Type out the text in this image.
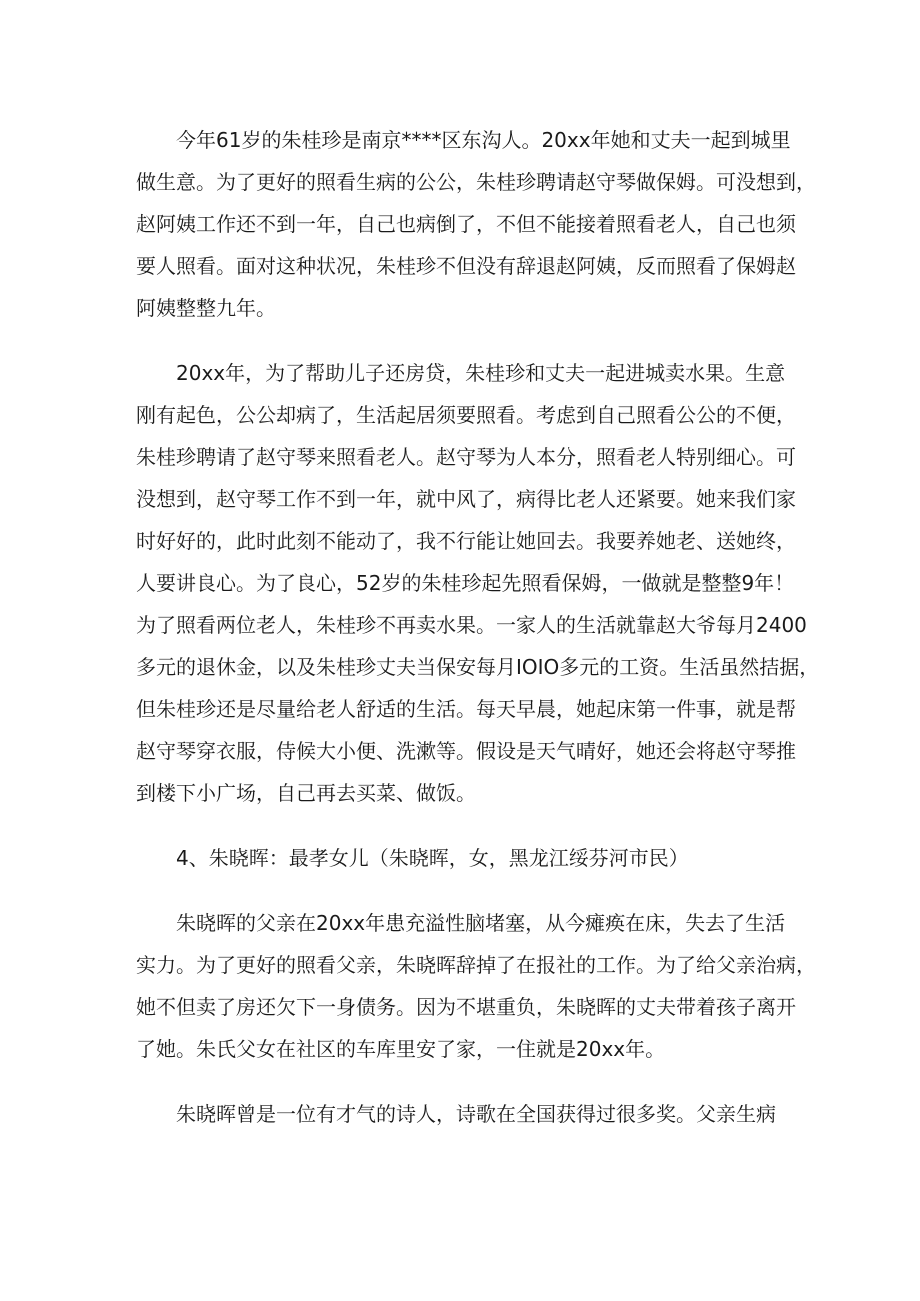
今年61岁的朱桂珍是南京****区东沟人。20xx年她和丈夫一起到城里
做生意。为了更好的照看生病的公公，朱桂珍聘请赵守琴做保姆。可没想到，
赵阿姨工作还不到一年，自己也病倒了，不但不能接着照看老人，自己也须
要人照看。面对这种状况，朱桂珍不但没有辞退赵阿姨，反而照看了保姆赵
阿姨整整九年。
20xx年，为了帮助儿子还房贷，朱桂珍和丈夫一起进城卖水果。生意
刚有起色，公公却病了，生活起居须要照看。考虑到自己照看公公的不便，
朱桂珍聘请了赵守琴来照看老人。赵守琴为人本分，照看老人特别细心。可
没想到，赵守琴工作不到一年，就中风了，病得比老人还紧要。她来我们家
时好好的，此时此刻不能动了，我不行能让她回去。我要养她老、送她终，
人要讲良心。为了良心，52岁的朱桂珍起先照看保姆，一做就是整整9年！
为了照看两位老人，朱桂珍不再卖水果。一家人的生活就靠赵大爷每月2400
多元的退休金，以及朱桂珍丈夫当保安每月IOIO多元的工资。生活虽然拮据，
但朱桂珍还是尽量给老人舒适的生活。每天早晨，她起床第一件事，就是帮
赵守琴穿衣服，侍候大小便、洗漱等。假设是天气晴好，她还会将赵守琴推
到楼下小广场，自己再去买菜、做饭。
4、朱晓晖：最孝女儿（朱晓晖，女，黑龙江绥芬河市民）
朱晓晖的父亲在20xx年患充溢性脑堵塞，从今瘫痪在床，失去了生活
实力。为了更好的照看父亲，朱晓晖辞掉了在报社的工作。为了给父亲治病，
她不但卖了房还欠下一身债务。因为不堪重负，朱晓晖的丈夫带着孩子离开
了她。朱氏父女在社区的车库里安了家，一住就是20xx年。
朱晓晖曾是一位有才气的诗人，诗歌在全国获得过很多奖。父亲生病
